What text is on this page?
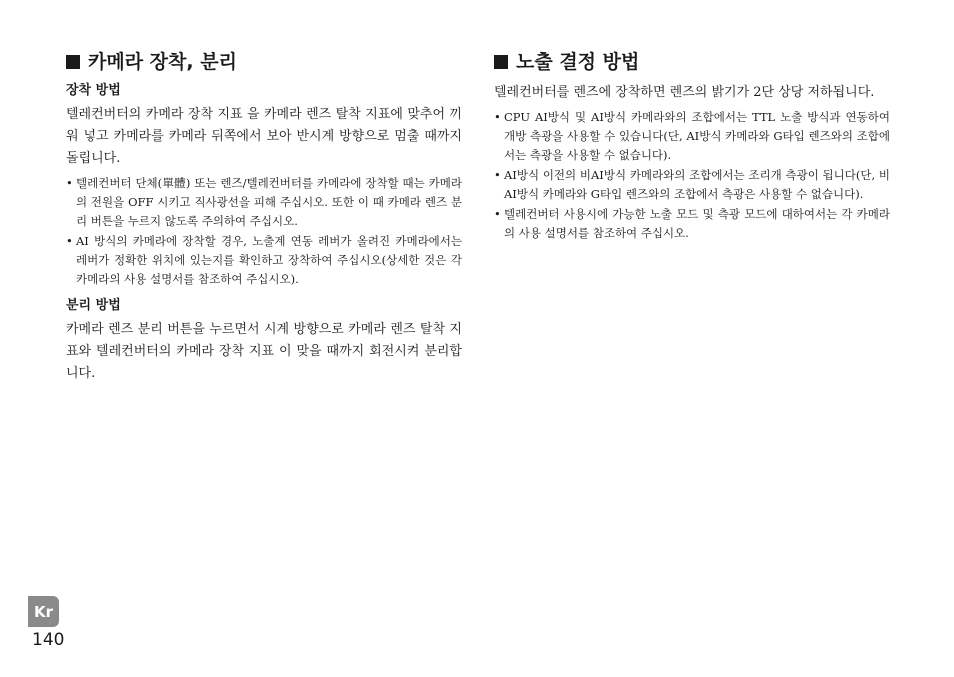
카메라 장착, 분리
장착 방법

텔레컨버터의 카메라 장착 지표 을 카메라 렌즈 탈착 지표에 맞추어 끼워 넣고 카메라를 카메라 뒤쪽에서 보아 반시계 방향으로 멈출 때까지 돌립니다.

• 텔레컨버터 단체(單體) 또는 렌즈/텔레컨버터를 카메라에 장착할 때는 카메라의 전원을 OFF 시키고 직사광선을 피해 주십시오. 또한 이 때 카메라 렌즈 분리 버튼을 누르지 않도록 주의하여 주십시오.
• AI 방식의 카메라에 장착할 경우, 노출계 연동 레버가 올려진 카메라에서는 레버가 정확한 위치에 있는지를 확인하고 장착하여 주십시오(상세한 것은 각 카메라의 사용 설명서를 참조하여 주십시오).
분리 방법

카메라 렌즈 분리 버튼을 누르면서 시계 방향으로 카메라 렌즈 탈착 지표와 텔레컨버터의 카메라 장착 지표 이 맞을 때까지 회전시켜 분리합니다.

노출 결정 방법

텔레컨버터를 렌즈에 장착하면 렌즈의 밝기가 2단 상당 저하됩니다.

• CPU AI방식 및 AI방식 카메라와의 조합에서는 TTL 노출 방식과 연동하여 개방 측광을 사용할 수 있습니다(단, AI방식 카메라와 G타입 렌즈와의 조합에서는 측광을 사용할 수 없습니다).
• AI방식 이전의 비AI방식 카메라와의 조합에서는 조리개 측광이 됩니다(단, 비AI방식 카메라와 G타입 렌즈와의 조합에서 측광은 사용할 수 없습니다).
• 텔레컨버터 사용시에 가능한 노출 모드 및 측광 모드에 대하여서는 각 카메라의 사용 설명서를 참조하여 주십시오.
Kr
140
